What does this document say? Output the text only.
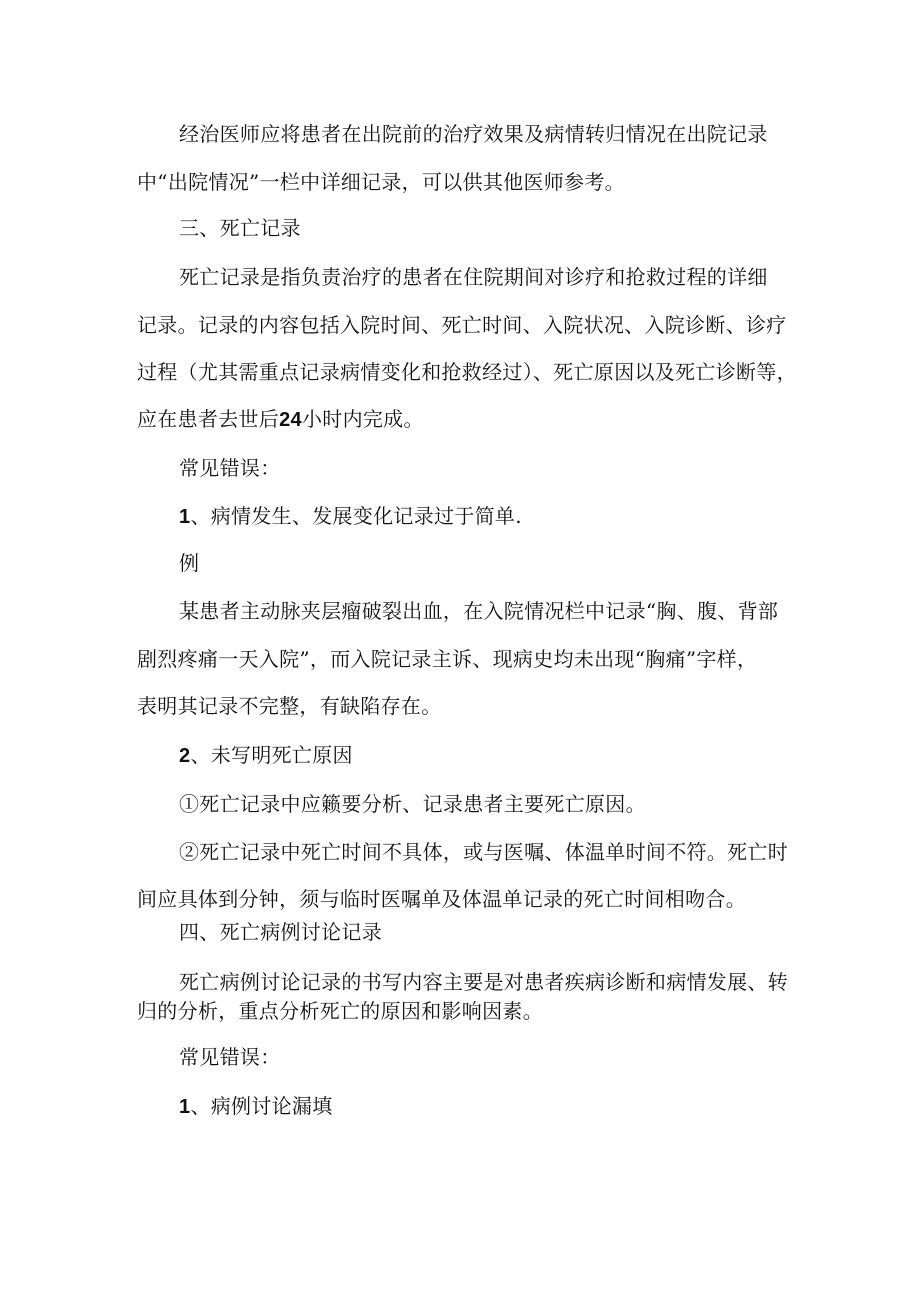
经治医师应将患者在出院前的治疗效果及病情转归情况在出院记录
中“出院情况”一栏中详细记录，可以供其他医师参考。
三、死亡记录
死亡记录是指负责治疗的患者在住院期间对诊疗和抢救过程的详细
记录。记录的内容包括入院时间、死亡时间、入院状况、入院诊断、诊疗
过程（尤其需重点记录病情变化和抢救经过）、死亡原因以及死亡诊断等，
应在患者去世后24小时内完成。
常见错误：
1、病情发生、发展变化记录过于简单.
例
某患者主动脉夹层瘤破裂出血，在入院情况栏中记录“胸、腹、背部
剧烈疼痛一天入院”，而入院记录主诉、现病史均未出现“胸痛”字样，
表明其记录不完整，有缺陷存在。
2、未写明死亡原因
①死亡记录中应籁要分析、记录患者主要死亡原因。
②死亡记录中死亡时间不具体，或与医嘱、体温单时间不符。死亡时
间应具体到分钟，须与临时医嘱单及体温单记录的死亡时间相吻合。
四、死亡病例讨论记录
死亡病例讨论记录的书写内容主要是对患者疾病诊断和病情发展、转
归的分析，重点分析死亡的原因和影响因素。
常见错误：
1、病例讨论漏填
